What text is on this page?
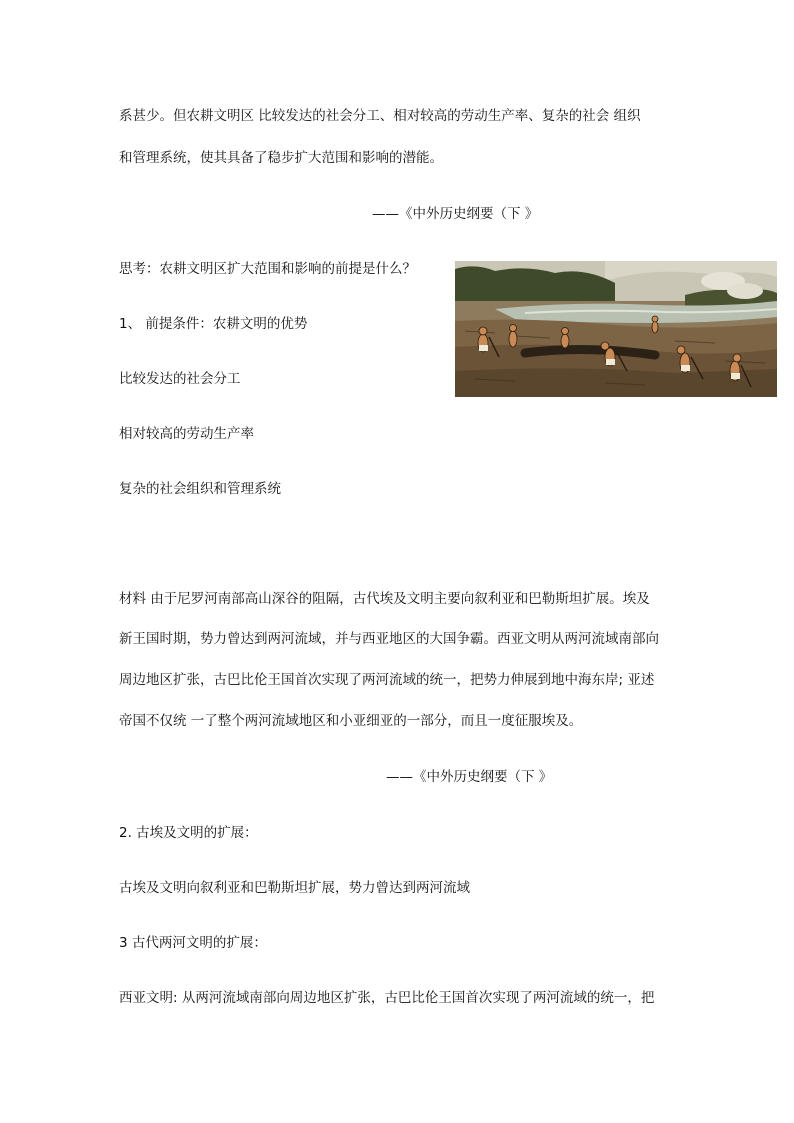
系甚少。但农耕文明区 比较发达的社会分工、相对较高的劳动生产率、复杂的社会 组织
和管理系统，使其具备了稳步扩大范围和影响的潜能。
——《中外历史纲要（下 》
思考：农耕文明区扩大范围和影响的前提是什么？
1、 前提条件：农耕文明的优势
比较发达的社会分工
相对较高的劳动生产率
复杂的社会组织和管理系统
材料 由于尼罗河南部高山深谷的阻隔，古代埃及文明主要向叙利亚和巴勒斯坦扩展。埃及
新王国时期，势力曾达到两河流域，并与西亚地区的大国争霸。西亚文明从两河流域南部向
周边地区扩张，古巴比伦王国首次实现了两河流域的统一，把势力伸展到地中海东岸; 亚述
帝国不仅统 一了整个两河流域地区和小亚细亚的一部分，而且一度征服埃及。
——《中外历史纲要（下 》
2. 古埃及文明的扩展：
古埃及文明向叙利亚和巴勒斯坦扩展，势力曾达到两河流域
3 古代两河文明的扩展：
西亚文明: 从两河流域南部向周边地区扩张，古巴比伦王国首次实现了两河流域的统一，把
